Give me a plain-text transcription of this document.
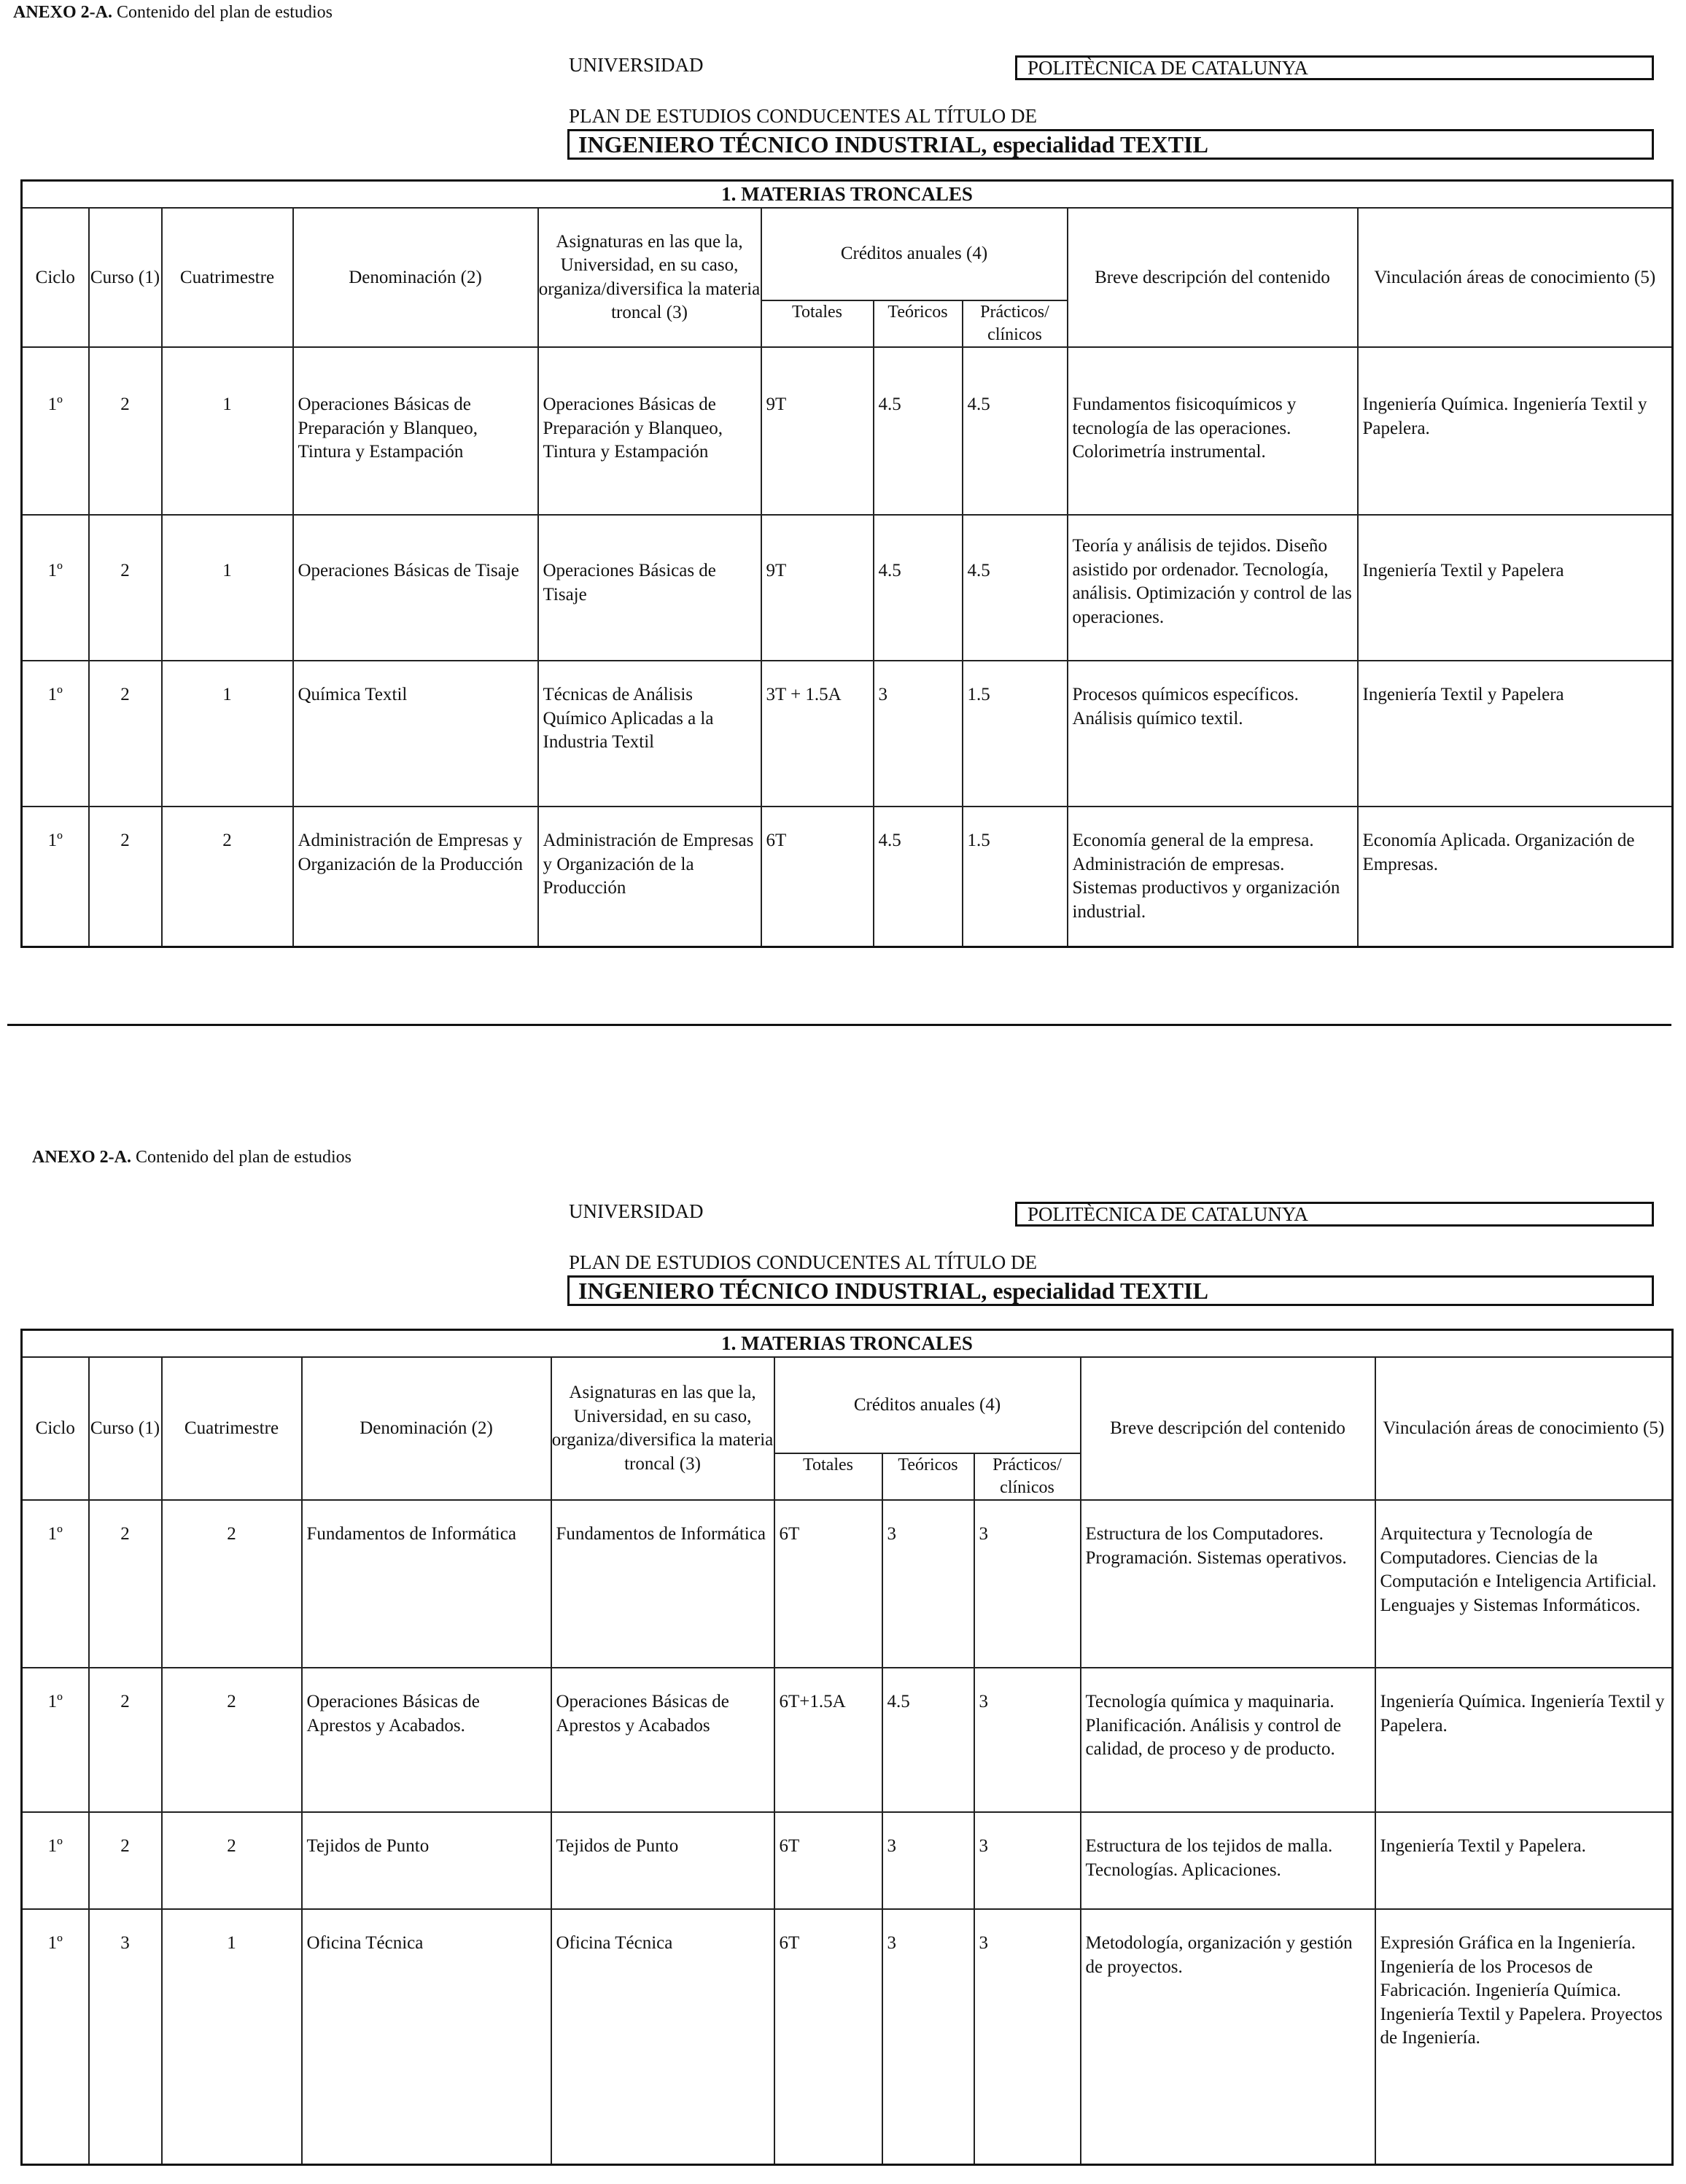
ANEXO 2-A. Contenido del plan de estudios
UNIVERSIDAD	POLITÈCNICA DE CATALUNYA
PLAN DE ESTUDIOS CONDUCENTES AL TÍTULO DE
INGENIERO TÉCNICO INDUSTRIAL, especialidad TEXTIL
1. MATERIAS TRONCALES									
Ciclo	Curso (1)	Cuatrimestre	Denominación (2)	Asignaturas en las que la, Universidad, en su caso, organiza/diversifica la materia troncal (3)	Créditos anuales (4)			Breve descripción del contenido	Vinculación áreas de conocimiento (5)
					Totales	Teóricos	Prácticos/ clínicos		
1º	2	1	Operaciones Básicas de Preparación y Blanqueo, Tintura y Estampación	Operaciones Básicas de Preparación y Blanqueo, Tintura y Estampación	9T	4.5	4.5	Fundamentos fisicoquímicos y tecnología de las operaciones. Colorimetría instrumental.	Ingeniería Química. Ingeniería Textil y Papelera.
1º	2	1	Operaciones Básicas de Tisaje	Operaciones Básicas de Tisaje	9T	4.5	4.5	Teoría y análisis de tejidos. Diseño asistido por ordenador. Tecnología, análisis. Optimización y control de las operaciones.	Ingeniería Textil y Papelera
1º	2	1	Química Textil	Técnicas de Análisis Químico Aplicadas a la Industria Textil	3T + 1.5A	3	1.5	Procesos químicos específicos. Análisis químico textil.	Ingeniería Textil y Papelera
1º	2	2	Administración de Empresas y Organización de la Producción	Administración de Empresas y Organización de la Producción	6T	4.5	1.5	Economía general de la empresa. Administración de empresas. Sistemas productivos y organización industrial.	Economía Aplicada. Organización de Empresas.
ANEXO 2-A. Contenido del plan de estudios
UNIVERSIDAD	POLITÈCNICA DE CATALUNYA
PLAN DE ESTUDIOS CONDUCENTES AL TÍTULO DE
INGENIERO TÉCNICO INDUSTRIAL, especialidad TEXTIL
1. MATERIAS TRONCALES									
Ciclo	Curso (1)	Cuatrimestre	Denominación (2)	Asignaturas en las que la, Universidad, en su caso, organiza/diversifica la materia troncal (3)	Créditos anuales (4)			Breve descripción del contenido	Vinculación áreas de conocimiento (5)
					Totales	Teóricos	Prácticos/ clínicos		
1º	2	2	Fundamentos de Informática	Fundamentos de Informática	6T	3	3	Estructura de los Computadores. Programación. Sistemas operativos.	Arquitectura y Tecnología de Computadores. Ciencias de la Computación e Inteligencia Artificial. Lenguajes y Sistemas Informáticos.
1º	2	2	Operaciones Básicas de Aprestos y Acabados.	Operaciones Básicas de Aprestos y Acabados	6T+1.5A	4.5	3	Tecnología química y maquinaria. Planificación. Análisis y control de calidad, de proceso y de producto.	Ingeniería Química. Ingeniería Textil y Papelera.
1º	2	2	Tejidos de Punto	Tejidos de Punto	6T	3	3	Estructura de los tejidos de malla. Tecnologías. Aplicaciones.	Ingeniería Textil y Papelera.
1º	3	1	Oficina Técnica	Oficina Técnica	6T	3	3	Metodología, organización y gestión de proyectos.	Expresión Gráfica en la Ingeniería. Ingeniería de los Procesos de Fabricación. Ingeniería Química. Ingeniería Textil y Papelera. Proyectos de Ingeniería.
